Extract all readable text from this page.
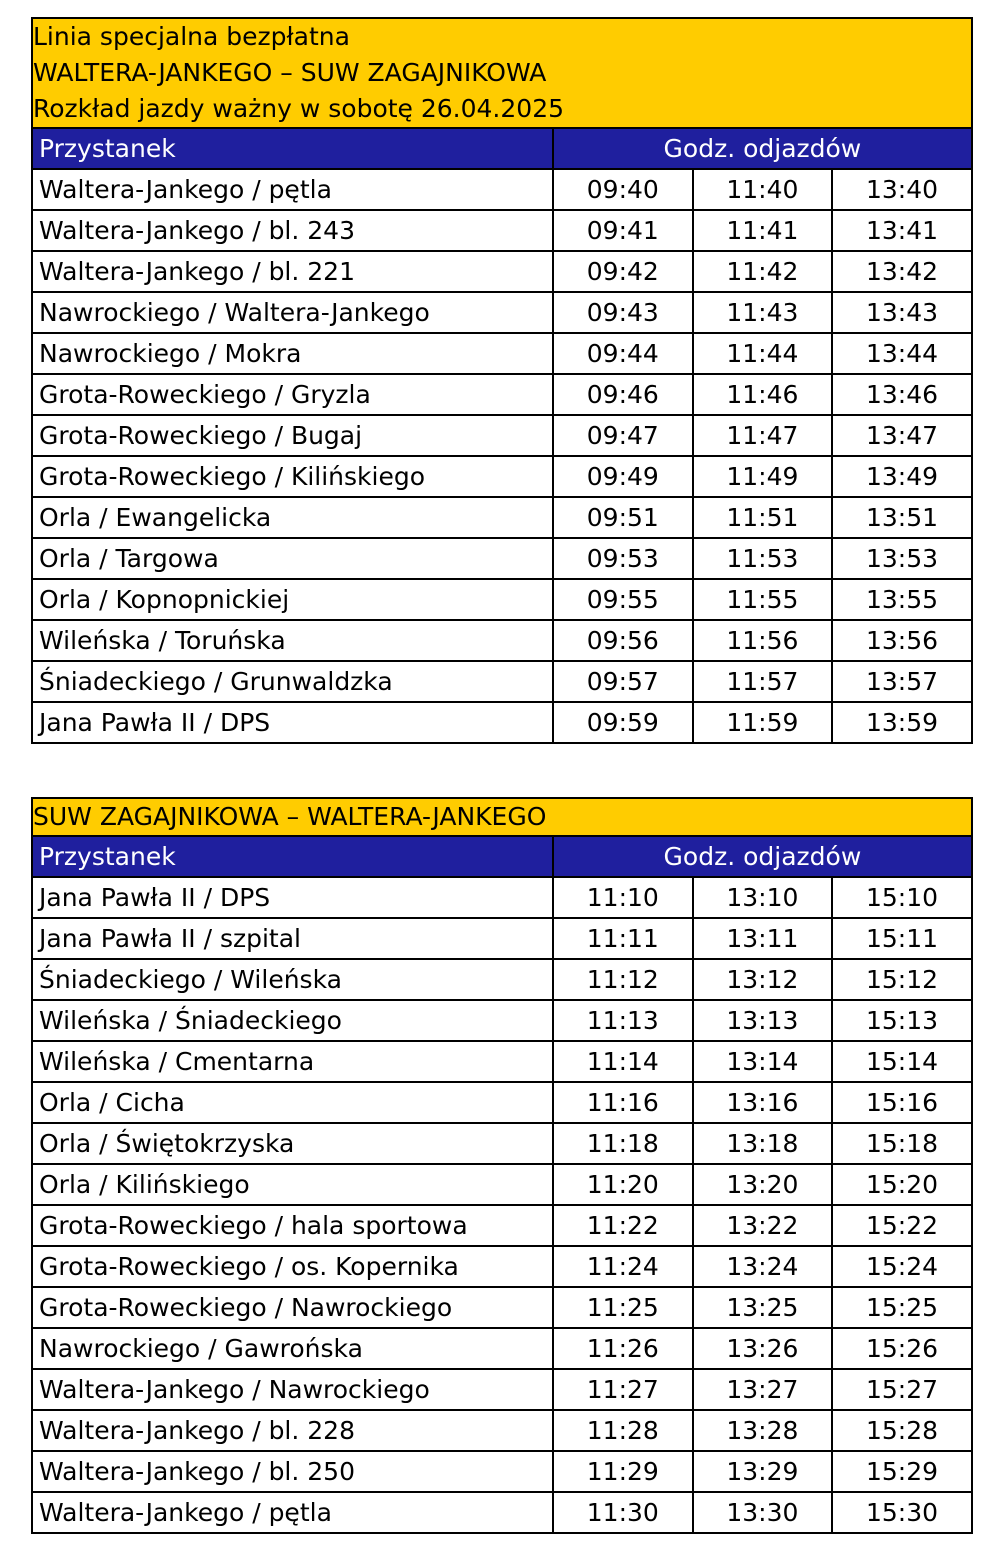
Linia specjalna bezpłatna
WALTERA-JANKEGO – SUW ZAGAJNIKOWA
Rozkład jazdy ważny w sobotę 26.04.2025			

Przystanek	Godz. odjazdów		
Waltera-Jankego / pętla	09:40	11:40	13:40
Waltera-Jankego / bl. 243	09:41	11:41	13:41
Waltera-Jankego / bl. 221	09:42	11:42	13:42
Nawrockiego / Waltera-Jankego	09:43	11:43	13:43
Nawrockiego / Mokra	09:44	11:44	13:44
Grota-Roweckiego / Gryzla	09:46	11:46	13:46
Grota-Roweckiego / Bugaj	09:47	11:47	13:47
Grota-Roweckiego / Kilińskiego	09:49	11:49	13:49
Orla / Ewangelicka	09:51	11:51	13:51
Orla / Targowa	09:53	11:53	13:53
Orla / Kopnopnickiej	09:55	11:55	13:55
Wileńska / Toruńska	09:56	11:56	13:56
Śniadeckiego / Grunwaldzka	09:57	11:57	13:57
Jana Pawła II / DPS	09:59	11:59	13:59
SUW ZAGAJNIKOWA – WALTERA-JANKEGO			

Przystanek	Godz. odjazdów		
Jana Pawła II / DPS	11:10	13:10	15:10
Jana Pawła II / szpital	11:11	13:11	15:11
Śniadeckiego / Wileńska	11:12	13:12	15:12
Wileńska / Śniadeckiego	11:13	13:13	15:13
Wileńska / Cmentarna	11:14	13:14	15:14
Orla / Cicha	11:16	13:16	15:16
Orla / Świętokrzyska	11:18	13:18	15:18
Orla / Kilińskiego	11:20	13:20	15:20
Grota-Roweckiego / hala sportowa	11:22	13:22	15:22
Grota-Roweckiego / os. Kopernika	11:24	13:24	15:24
Grota-Roweckiego / Nawrockiego	11:25	13:25	15:25
Nawrockiego / Gawrońska	11:26	13:26	15:26
Waltera-Jankego / Nawrockiego	11:27	13:27	15:27
Waltera-Jankego / bl. 228	11:28	13:28	15:28
Waltera-Jankego / bl. 250	11:29	13:29	15:29
Waltera-Jankego / pętla	11:30	13:30	15:30
